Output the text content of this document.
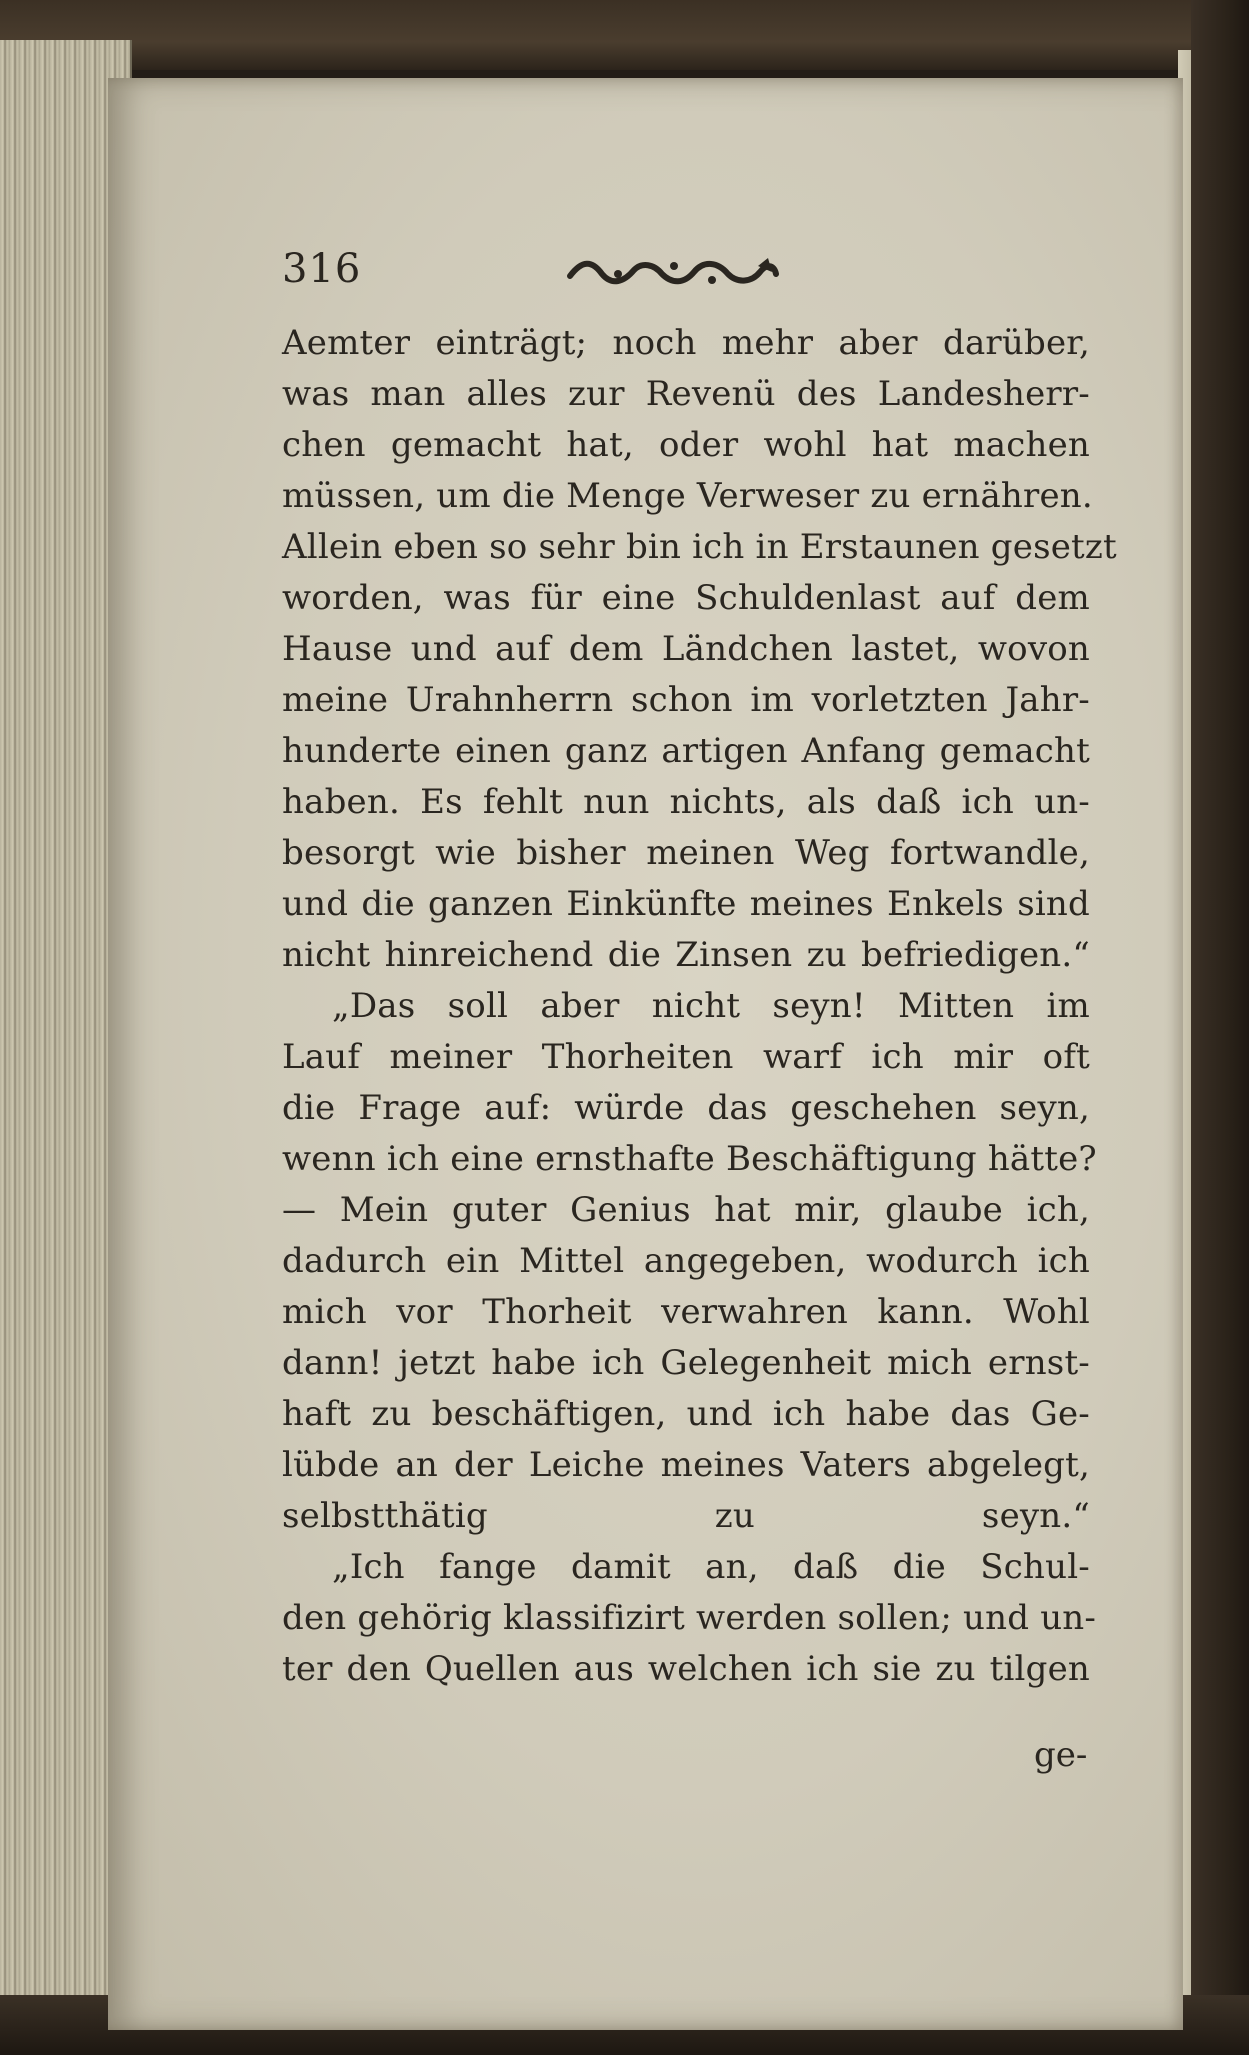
316
Aemter einträgt; noch mehr aber darüber,
was man alles zur Revenü des Landesherr-
chen gemacht hat, oder wohl hat machen
müssen, um die Menge Verweser zu ernähren.
Allein eben so sehr bin ich in Erstaunen gesetzt
worden, was für eine Schuldenlast auf dem
Hause und auf dem Ländchen lastet, wovon
meine Urahnherrn schon im vorletzten Jahr-
hunderte einen ganz artigen Anfang gemacht
haben. Es fehlt nun nichts, als daß ich un-
besorgt wie bisher meinen Weg fortwandle,
und die ganzen Einkünfte meines Enkels sind
nicht hinreichend die Zinsen zu befriedigen.“
„Das soll aber nicht seyn! Mitten im
Lauf meiner Thorheiten warf ich mir oft
die Frage auf: würde das geschehen seyn,
wenn ich eine ernsthafte Beschäftigung hätte?
— Mein guter Genius hat mir, glaube ich,
dadurch ein Mittel angegeben, wodurch ich
mich vor Thorheit verwahren kann. Wohl
dann! jetzt habe ich Gelegenheit mich ernst-
haft zu beschäftigen, und ich habe das Ge-
lübde an der Leiche meines Vaters abgelegt,
selbstthätig zu seyn.“
„Ich fange damit an, daß die Schul-
den gehörig klassifizirt werden sollen; und un-
ter den Quellen aus welchen ich sie zu tilgen
ge-
